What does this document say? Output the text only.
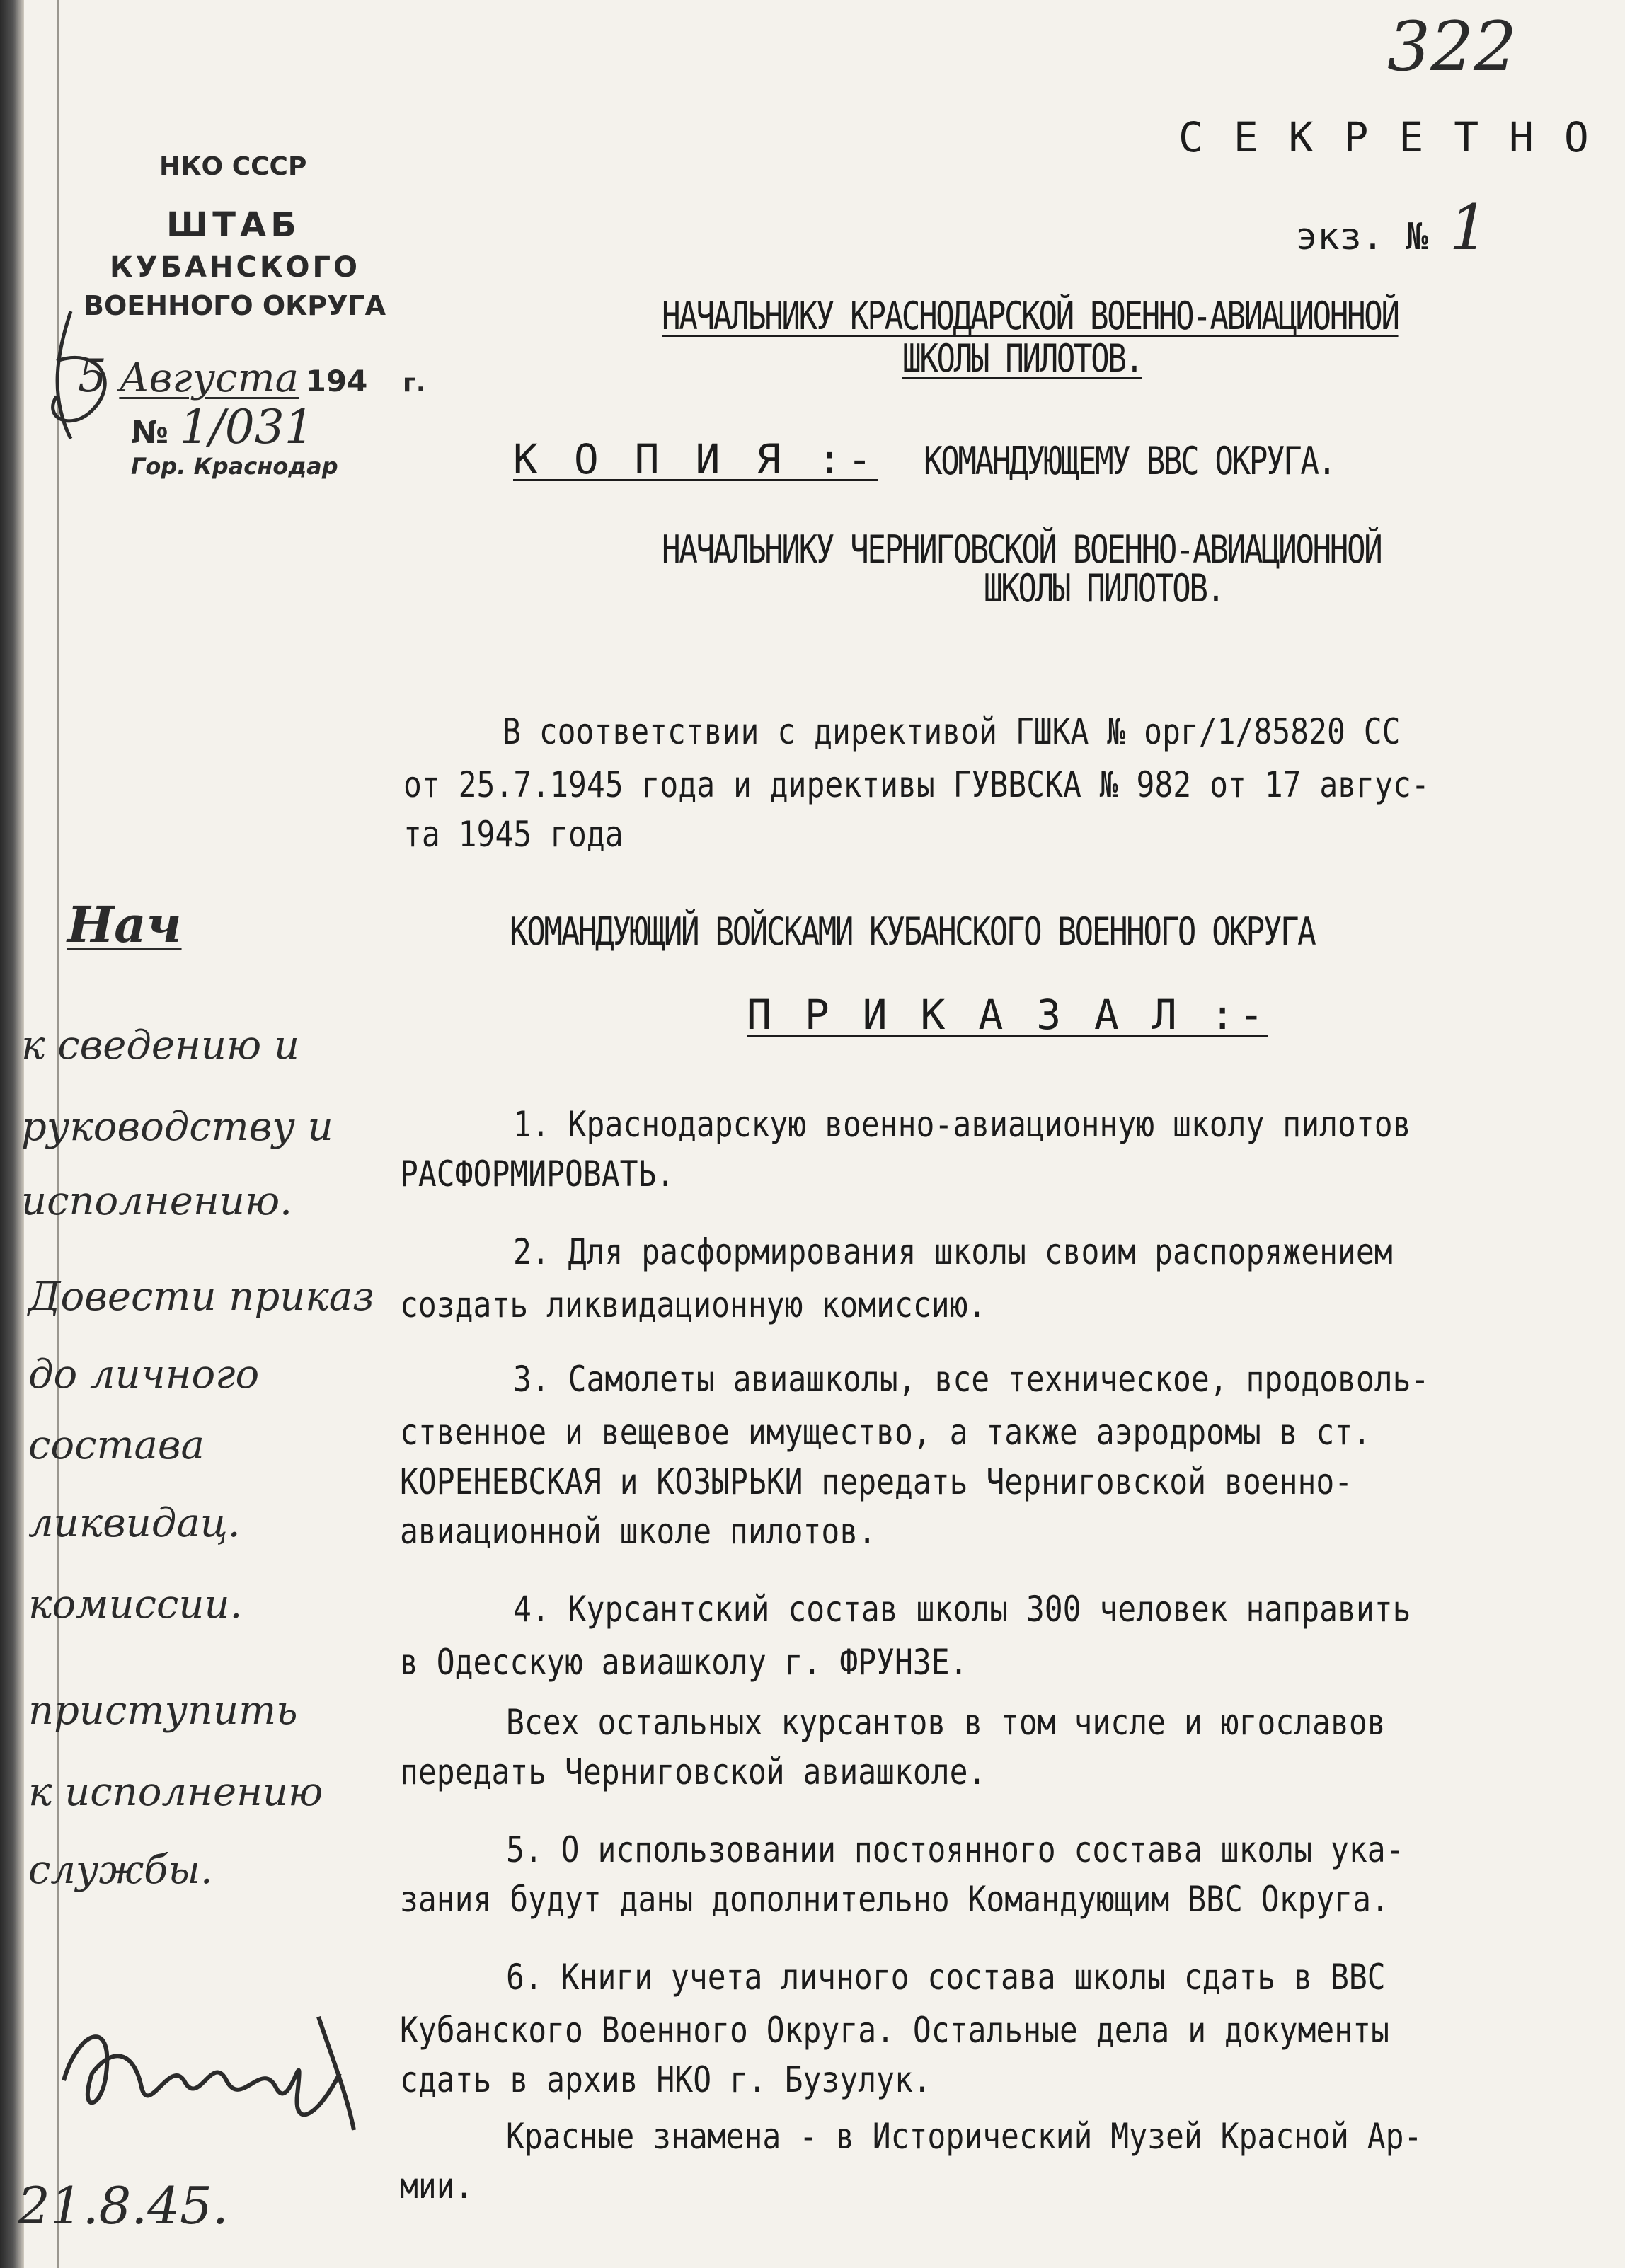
322
С Е К Р Е Т Н О
экз. № 1
НКО СССР
ШТАБ
КУБАНСКОГО
ВОЕННОГО ОКРУГА
5 Августа 194 г.
№ 1/031
Гор. Краснодар
НАЧАЛЬНИКУ КРАСНОДАРСКОЙ ВОЕННО-АВИАЦИОННОЙ
ШКОЛЫ ПИЛОТОВ.
К О П И Я :- КОМАНДУЮЩЕМУ ВВС ОКРУГА.
НАЧАЛЬНИКУ ЧЕРНИГОВСКОЙ ВОЕННО-АВИАЦИОННОЙ
ШКОЛЫ ПИЛОТОВ.
В соответствии с директивой ГШКА № орг/1/85820 СС
от 25.7.1945 года и директивы ГУВВСКА № 982 от 17 авгус-
та 1945 года
КОМАНДУЮЩИЙ ВОЙСКАМИ КУБАНСКОГО ВОЕННОГО ОКРУГА
П Р И К А З А Л :-
1. Краснодарскую военно-авиационную школу пилотов
РАСФОРМИРОВАТЬ.
2. Для расформирования школы своим распоряжением
создать ликвидационную комиссию.
3. Самолеты авиашколы, все техническое, продоволь-
ственное и вещевое имущество, а также аэродромы в ст.
КОРЕНЕВСКАЯ и КОЗЫРЬКИ передать Черниговской военно-
авиационной школе пилотов.
4. Курсантский состав школы 300 человек направить
в Одесскую авиашколу г. ФРУНЗЕ.
Всех остальных курсантов в том числе и югославов
передать Черниговской авиашколе.
5. О использовании постоянного состава школы ука-
зания будут даны дополнительно Командующим ВВС Округа.
6. Книги учета личного состава школы сдать в ВВС
Кубанского Военного Округа. Остальные дела и документы
сдать в архив НКО г. Бузулук.
Красные знамена - в Исторический Музей Красной Ар-
мии.
Нач
к сведению и
руководству и
исполнению.
Довести приказ
до личного
состава
ликвидац.
комиссии.
приступить
к исполнению
службы.
21.8.45.
